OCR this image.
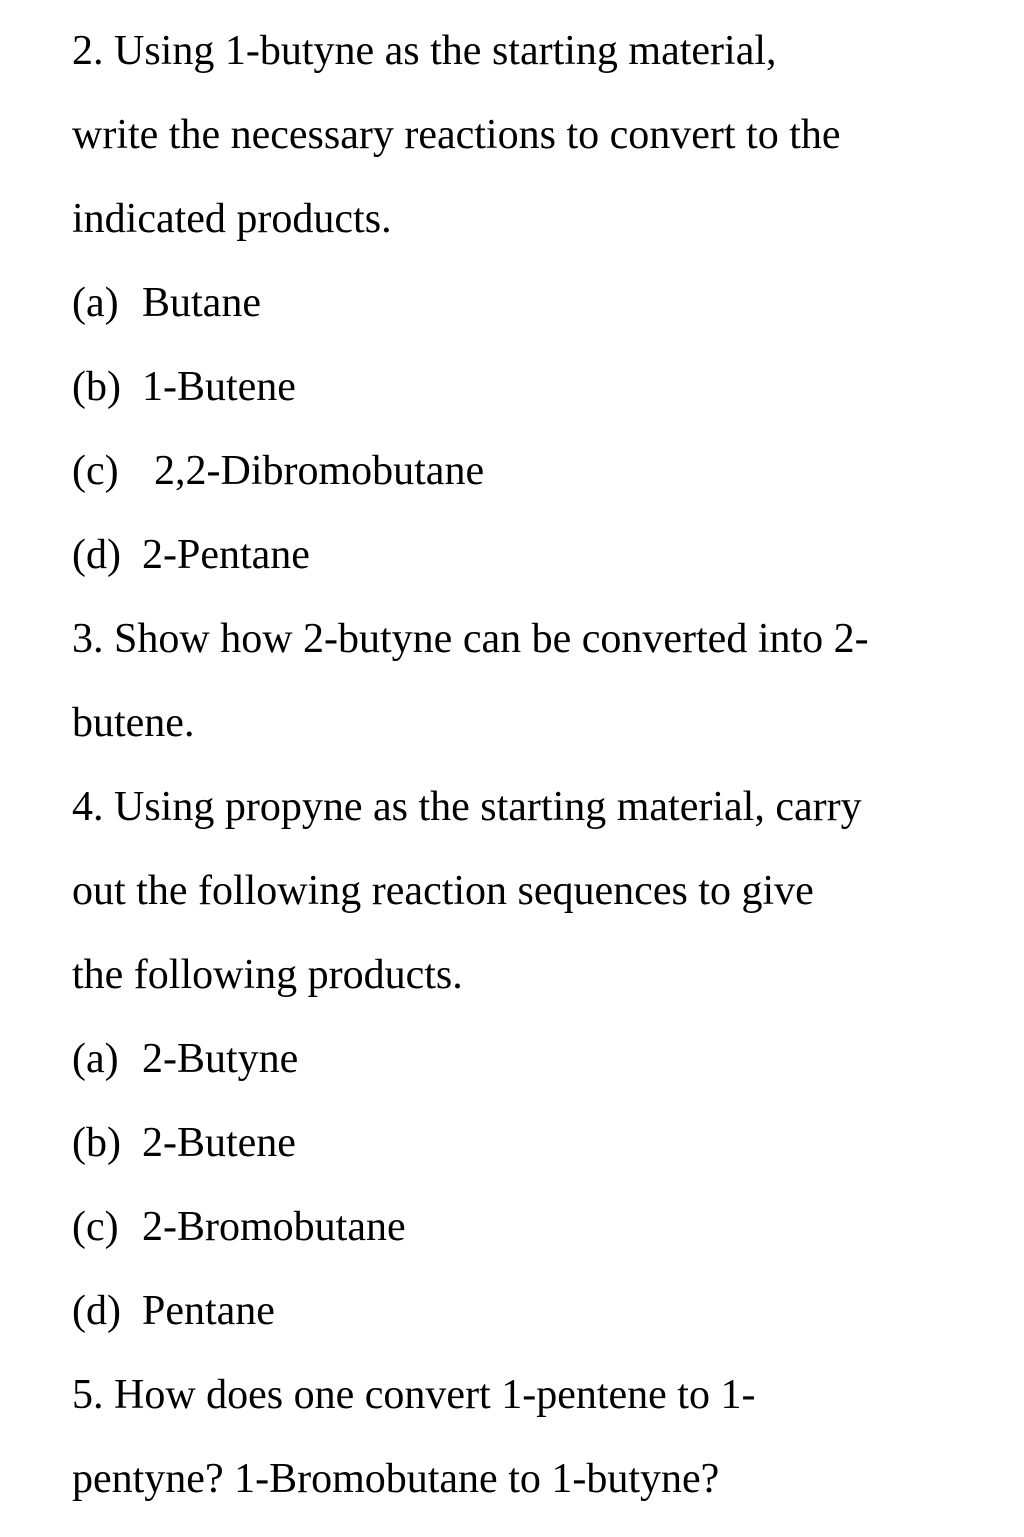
2. Using 1-butyne as the starting material,
write the necessary reactions to convert to the
indicated products.
(a) Butane
(b) 1-Butene
(c) 2,2-Dibromobutane
(d) 2-Pentane
3. Show how 2-butyne can be converted into 2-
butene.
4. Using propyne as the starting material, carry
out the following reaction sequences to give
the following products.
(a) 2-Butyne
(b) 2-Butene
(c) 2-Bromobutane
(d) Pentane
5. How does one convert 1-pentene to 1-
pentyne? 1-Bromobutane to 1-butyne?
